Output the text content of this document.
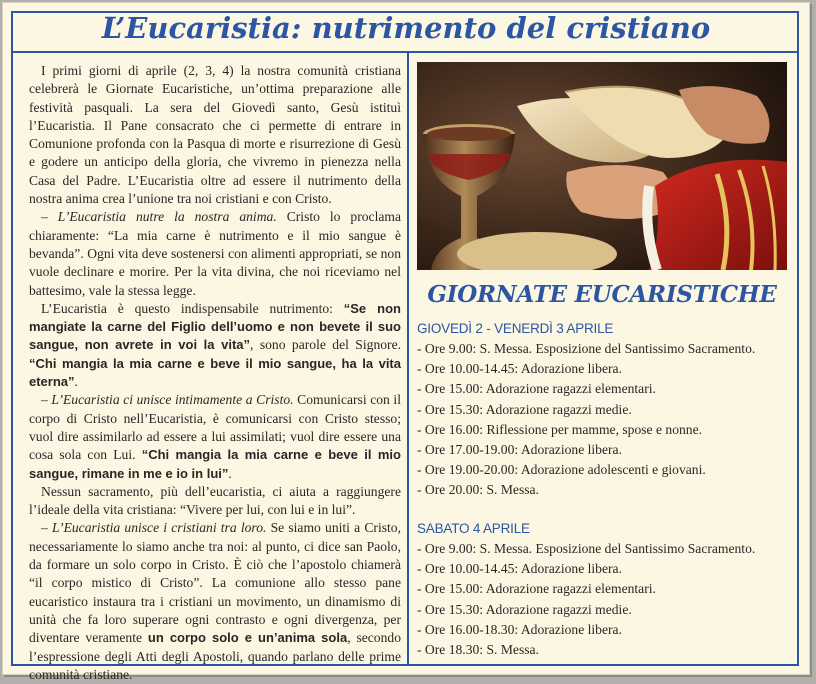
L’Eucaristia: nutrimento del cristiano

I primi giorni di aprile (2, 3, 4) la nostra comunità cristiana celebrerà le Giornate Eucaristiche, un’ottima preparazione alle festività pasquali. La sera del Giovedì santo, Gesù istituì l’Eucaristia. Il Pane consacrato che ci permette di entrare in Comunione profonda con la Pasqua di morte e risurrezione di Gesù e godere un anticipo della gloria, che vivremo in pienezza nella Casa del Padre. L’Eucaristia oltre ad essere il nutrimento della nostra anima crea l’unione tra noi cristiani e con Cristo.

– L’Eucaristia nutre la nostra anima. Cristo lo proclama chiaramente: “La mia carne è nutrimento e il mio sangue è bevanda”. Ogni vita deve sostenersi con alimenti appropriati, se non vuole declinare e morire. Per la vita divina, che noi riceviamo nel battesimo, vale la stessa legge.

L’Eucaristia è questo indispensabile nutrimento: “Se non mangiate la carne del Figlio dell’uomo e non bevete il suo sangue, non avrete in voi la vita”, sono parole del Signore. “Chi mangia la mia carne e beve il mio sangue, ha la vita eterna”.

– L’Eucaristia ci unisce intimamente a Cristo. Comunicarsi con il corpo di Cristo nell’Eucaristia, è comunicarsi con Cristo stesso; vuol dire assimilarlo ad essere a lui assimilati; vuol dire essere una cosa sola con Lui. “Chi mangia la mia carne e beve il mio sangue, rimane in me e io in lui”.

Nessun sacramento, più dell’eucaristia, ci aiuta a raggiungere l’ideale della vita cristiana: “Vivere per lui, con lui e in lui”.

– L’Eucaristia unisce i cristiani tra loro. Se siamo uniti a Cristo, necessariamente lo siamo anche tra noi: al punto, ci dice san Paolo, da formare un solo corpo in Cristo. È ciò che l’apostolo chiamerà “il corpo mistico di Cristo”. La comunione allo stesso pane eucaristico instaura tra i cristiani un movimento, un dinamismo di unità che fa loro superare ogni contrasto e ogni divergenza, per diventare veramente un corpo solo e un’anima sola, secondo l’espressione degli Atti degli Apostoli, quando parlano delle prime comunità cristiane.

GIORNATE EUCARISTICHE
GIOVEDÌ 2 - VENERDÌ 3 APRILE
- Ore 9.00: S. Messa. Esposizione del Santissimo Sacramento.
- Ore 10.00-14.45: Adorazione libera.
- Ore 15.00: Adorazione ragazzi elementari.
- Ore 15.30: Adorazione ragazzi medie.
- Ore 16.00: Riflessione per mamme, spose e nonne.
- Ore 17.00-19.00: Adorazione libera.
- Ore 19.00-20.00: Adorazione adolescenti e giovani.
- Ore 20.00: S. Messa.
SABATO 4 APRILE
- Ore 9.00: S. Messa. Esposizione del Santissimo Sacramento.
- Ore 10.00-14.45: Adorazione libera.
- Ore 15.00: Adorazione ragazzi elementari.
- Ore 15.30: Adorazione ragazzi medie.
- Ore 16.00-18.30: Adorazione libera.
- Ore 18.30: S. Messa.
